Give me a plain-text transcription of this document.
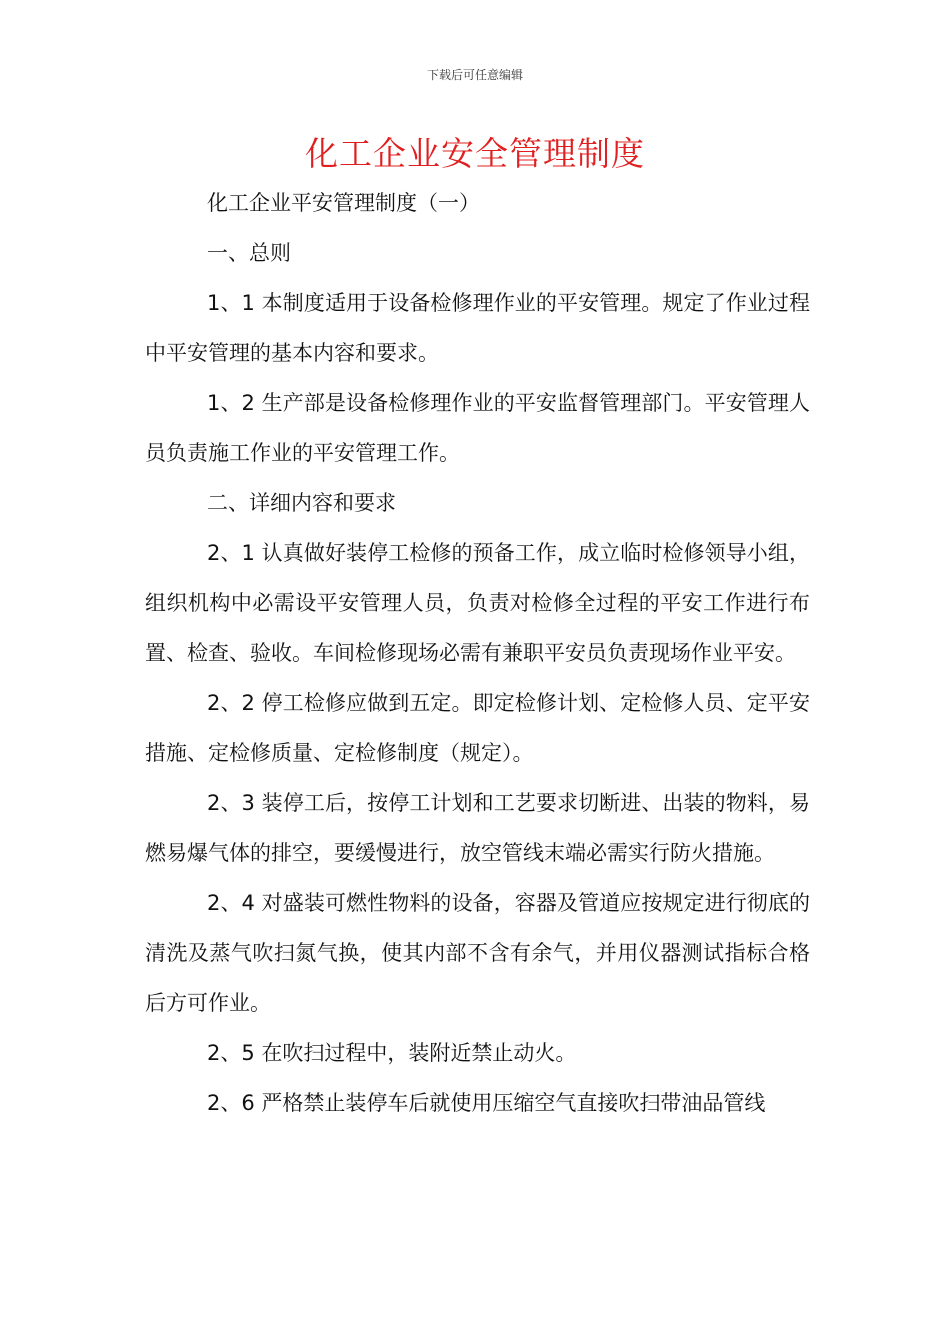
下载后可任意编辑
化工企业安全管理制度

化工企业平安管理制度（一）

一、总则

1、1 本制度适用于设备检修理作业的平安管理。规定了作业过程中平安管理的基本内容和要求。

1、2 生产部是设备检修理作业的平安监督管理部门。平安管理人员负责施工作业的平安管理工作。

二、详细内容和要求

2、1 认真做好装停工检修的预备工作，成立临时检修领导小组，组织机构中必需设平安管理人员，负责对检修全过程的平安工作进行布置、检查、验收。车间检修现场必需有兼职平安员负责现场作业平安。

2、2 停工检修应做到五定。即定检修计划、定检修人员、定平安措施、定检修质量、定检修制度（规定）。

2、3 装停工后，按停工计划和工艺要求切断进、出装的物料，易燃易爆气体的排空，要缓慢进行，放空管线末端必需实行防火措施。

2、4 对盛装可燃性物料的设备，容器及管道应按规定进行彻底的清洗及蒸气吹扫氮气换，使其内部不含有余气，并用仪器测试指标合格后方可作业。

2、5 在吹扫过程中，装附近禁止动火。

2、6 严格禁止装停车后就使用压缩空气直接吹扫带油品管线
